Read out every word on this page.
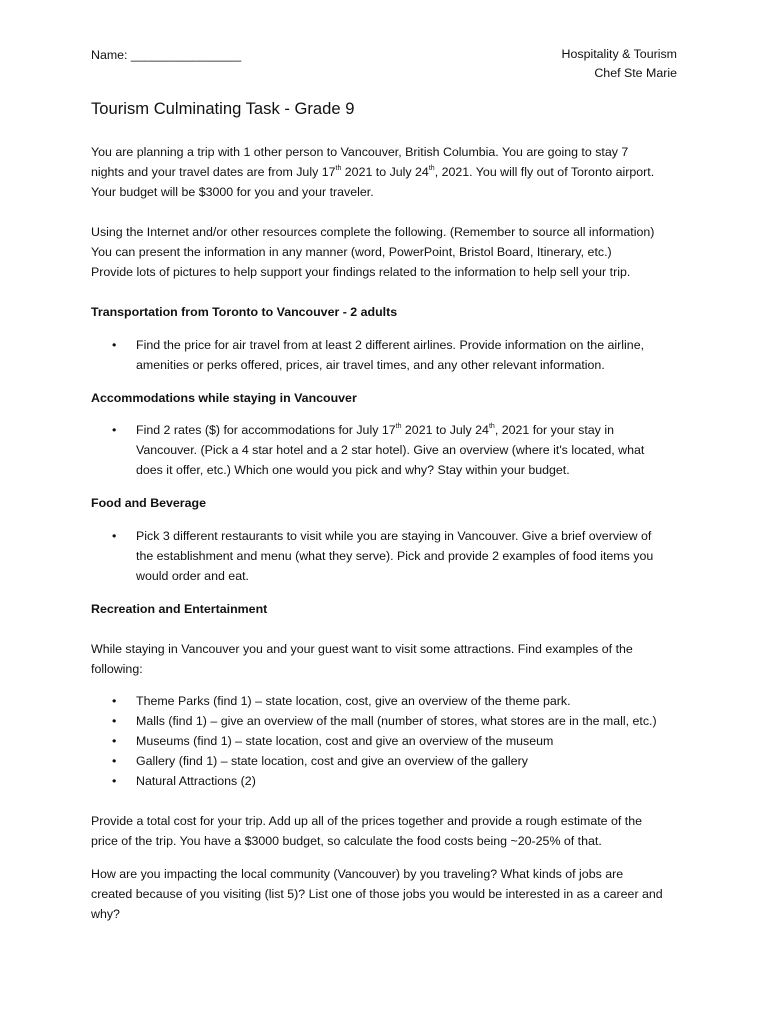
Name: ________________	Hospitality & Tourism
Chef Ste Marie
Tourism Culminating Task - Grade 9
You are planning a trip with 1 other person to Vancouver, British Columbia. You are going to stay 7
nights and your travel dates are from July 17th 2021 to July 24th, 2021. You will fly out of Toronto airport.
Your budget will be $3000 for you and your traveler.
Using the Internet and/or other resources complete the following. (Remember to source all information)
You can present the information in any manner (word, PowerPoint, Bristol Board, Itinerary, etc.)
Provide lots of pictures to help support your findings related to the information to help sell your trip.
Transportation from Toronto to Vancouver - 2 adults
• Find the price for air travel from at least 2 different airlines. Provide information on the airline,
amenities or perks offered, prices, air travel times, and any other relevant information.
Accommodations while staying in Vancouver
• Find 2 rates ($) for accommodations for July 17th 2021 to July 24th, 2021 for your stay in
Vancouver. (Pick a 4 star hotel and a 2 star hotel). Give an overview (where it's located, what
does it offer, etc.) Which one would you pick and why? Stay within your budget.
Food and Beverage
• Pick 3 different restaurants to visit while you are staying in Vancouver. Give a brief overview of
the establishment and menu (what they serve). Pick and provide 2 examples of food items you
would order and eat.
Recreation and Entertainment
While staying in Vancouver you and your guest want to visit some attractions. Find examples of the
following:
• Theme Parks (find 1) – state location, cost, give an overview of the theme park.
• Malls (find 1) – give an overview of the mall (number of stores, what stores are in the mall, etc.)
• Museums (find 1) – state location, cost and give an overview of the museum
• Gallery (find 1) – state location, cost and give an overview of the gallery
• Natural Attractions (2)
Provide a total cost for your trip. Add up all of the prices together and provide a rough estimate of the
price of the trip. You have a $3000 budget, so calculate the food costs being ~20-25% of that.
How are you impacting the local community (Vancouver) by you traveling? What kinds of jobs are
created because of you visiting (list 5)? List one of those jobs you would be interested in as a career and
why?
